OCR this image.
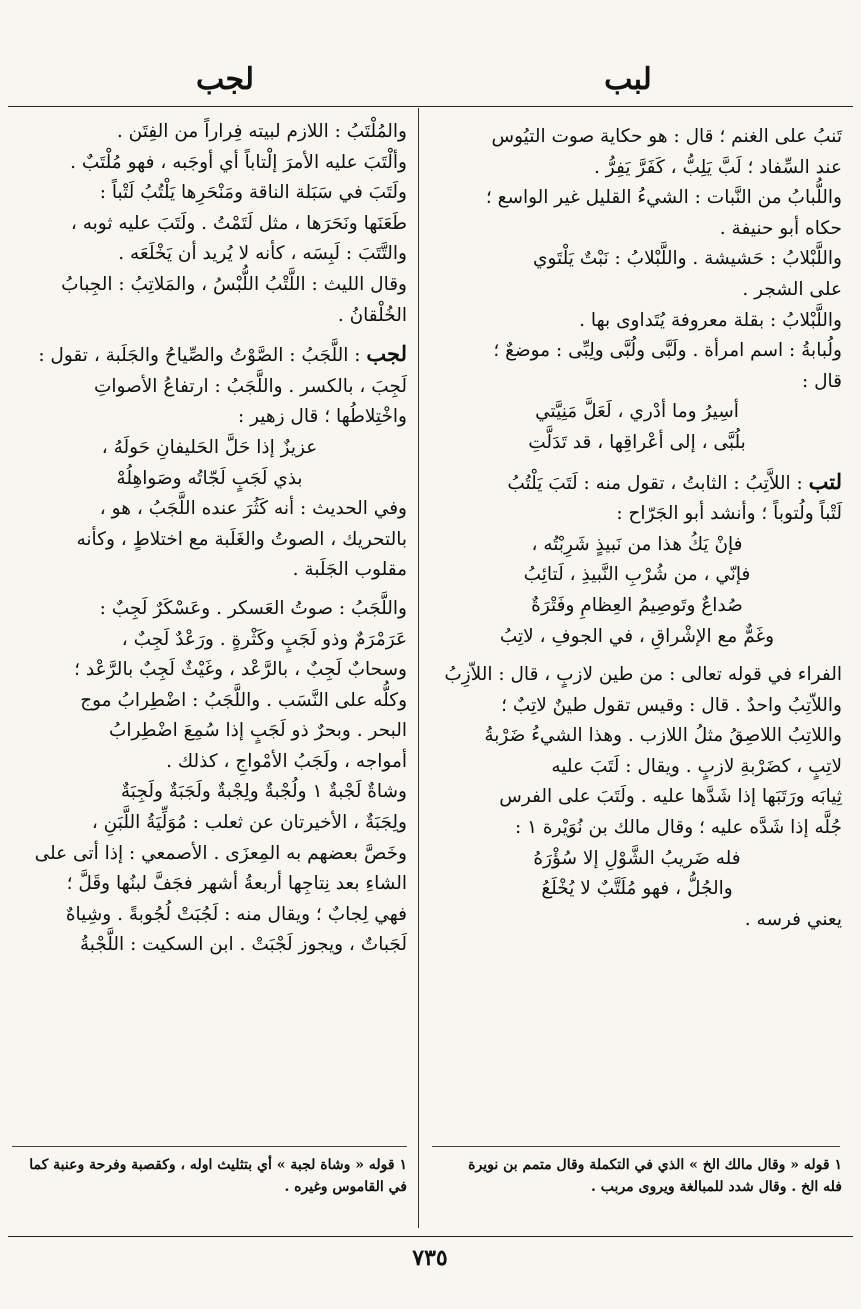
لبب
لجب

تَنبُ على الغنم ؛ قال : هو حكاية صوت التيُوس

عند السِّفاد ؛ لَبَّ يَلِبُّ ، كَفَرَّ يَفِرُّ .

واللُّبابُ من النَّبات : الشيءُ القليل غير الواسع ؛

حكاه أبو حنيفة .

واللَّبْلابُ : حَشيشة . واللَّبْلابُ : نَبْتٌ يَلْتَوي

على الشجر .

واللَّبْلابُ : بقلة معروفة يُتَداوى بها .

ولُبابةُ : اسم امرأة . ولَبَّى ولُبَّى ولِبِّى : موضعٌ ؛

قال :

أسِيرُ وما أدْري ، لَعَلَّ مَنِيَّتي

بلُبَّى ، إلى أعْراقِها ، قد تَدَلَّتِ

لتب : اللاَّتِبُ : الثابتُ ، تقول منه : لَتَبَ يَلْتُبُ

لَتْباً ولُتوباً ؛ وأنشد أبو الجَرّاح :

فإنْ يَكُ هذا من نَبيذٍ شَرِبْتُه ،

فإنّي ، من شُرْبِ النَّبيذِ ، لَتائِبُ

صُداعٌ وتَوصِيمُ العِظامِ وفَتْرَةٌ

وغَمٌّ مع الإشْراقِ ، في الجوفِ ، لاتِبُ

الفراء في قوله تعالى : من طين لازبٍ ، قال : اللاّزِبُ

واللاّتِبُ واحدٌ . قال : وقيس تقول طينٌ لاتِبٌ ؛

واللاتِبُ اللاصِقُ مثلُ اللازب . وهذا الشيءُ ضَرْبةُ

لاتِبٍ ، كضَرْبةِ لازبٍ . ويقال : لَتَبَ عليه

ثِيابَه ورَتَبَها إذا شَدَّها عليه . ولَتَبَ على الفرس

جُلَّه إذا شَدَّه عليه ؛ وقال مالك بن نُوَيْرة ١ :

فله ضَريبُ الشَّوْلِ إلا سُؤْرَهُ

والجُلُّ ، فهو مُلَتَّبٌ لا يُخْلَعُ

يعني فرسه .

والمُلْتَبُ : اللازم لبيته فِراراً من الفِتَن .

وألْتَبَ عليه الأمرَ إلْتاباً أي أوجَبه ، فهو مُلْتَبٌ .

ولَتَبَ في سَبَلة الناقة ومَنْحَرِها يَلْتُبُ لَتْباً :

طَعَنَها ونَحَرَها ، مثل لَتَمْتُ . ولَتَبَ عليه ثوبه ،

والتَّتَبَ : لَبِسَه ، كأنه لا يُريد أن يَخْلَعَه .

وقال الليث : اللَّتْبُ اللُّبْسُ ، والمَلاتِبُ : الجِبابُ

الخُلْقانُ .

لجب : اللَّجَبُ : الصَّوْتُ والصِّياحُ والجَلَبة ، تقول :

لَجِبَ ، بالكسر . واللَّجَبُ : ارتفاعُ الأصواتِ

واخْتِلاطُها ؛ قال زهير :

عزيزٌ إذا حَلَّ الحَليفانِ حَولَهُ ،

بذي لَجَبٍ لَجّاتُه وصَواهِلُهْ

وفي الحديث : أنه كَثُرَ عنده اللَّجَبُ ، هو ،

بالتحريك ، الصوتُ والغَلَبة مع اختلاطٍ ، وكأنه

مقلوب الجَلَبة .

واللَّجَبُ : صوتُ العَسكر . وعَسْكَرٌ لَجِبٌ :

عَرَمْرَمٌ وذو لَجَبٍ وكَثْرةٍ . ورَعْدٌ لَجِبٌ ،

وسحابٌ لَجِبٌ ، بالرَّعْد ، وغَيْثٌ لَجِبٌ بالرَّعْد ؛

وكلُّه على النَّسَب . واللَّجَبُ : اضْطِرابُ موج

البحر . وبحرٌ ذو لَجَبٍ إذا سُمِعَ اضْطِرابُ

أمواجه ، ولَجَبُ الأمْواجِ ، كذلك .

وشاةٌ لَجْبةٌ ١ ولُجْبةٌ ولِجْبةٌ ولَجَبَةٌ ولَجِبَةٌ

ولِجَبَةٌ ، الأخيرتان عن ثعلب : مُوَلِّيَةُ اللَّبَنِ ،

وخَصَّ بعضهم به المِعزَى . الأصمعي : إذا أتى على

الشاءِ بعد نِتاجِها أربعةُ أشهر فجَفَّ لبنُها وقَلَّ ؛

فهي لِجابٌ ؛ ويقال منه : لَجُبَتْ لُجُوبةً . وشِياهٌ

لَجَباتٌ ، ويجوز لَجْبَتْ . ابن السكيت : اللَّجْبةُ

١ قوله « وقال مالك الخ » الذي في التكملة وقال متمم بن نويرة

فله الخ . وقال شدد للمبالغة ويروى مربب .

١ قوله « وشاة لجبة » أي بتثليث اوله ، وكقصبة وفرحة وعنبة كما

في القاموس وغيره .

٧٣٥
